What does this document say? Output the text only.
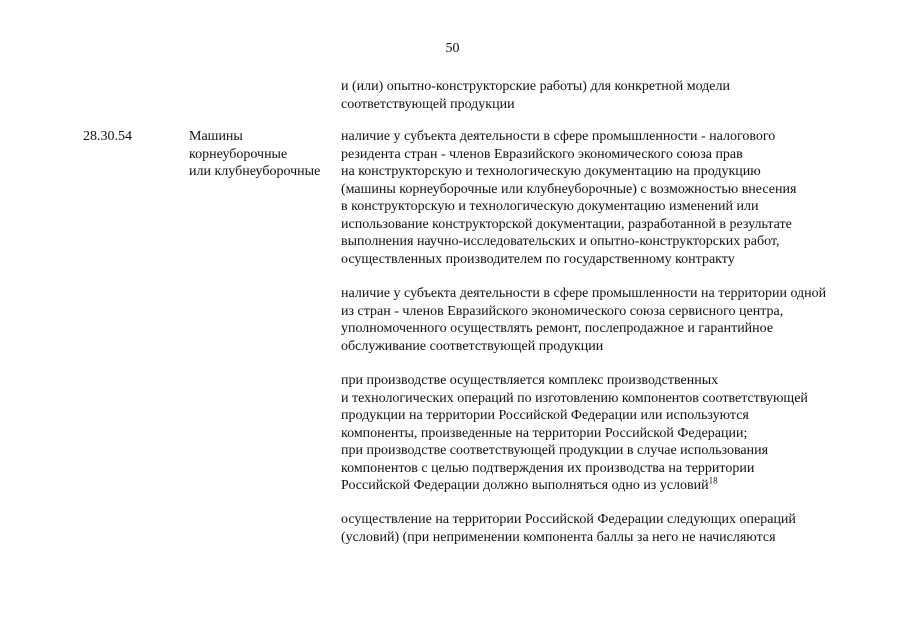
50
и (или) опытно-конструкторские работы) для конкретной модели
соответствующей продукции
28.30.54	Машины
корнеуборочные
или клубнеуборочные
наличие у субъекта деятельности в сфере промышленности - налогового
резидента стран - членов Евразийского экономического союза прав
на конструкторскую и технологическую документацию на продукцию
(машины корнеуборочные или клубнеуборочные) с возможностью внесения
в конструкторскую и технологическую документацию изменений или
использование конструкторской документации, разработанной в результате
выполнения научно-исследовательских и опытно-конструкторских работ,
осуществленных производителем по государственному контракту
наличие у субъекта деятельности в сфере промышленности на территории одной
из стран - членов Евразийского экономического союза сервисного центра,
уполномоченного осуществлять ремонт, послепродажное и гарантийное
обслуживание соответствующей продукции
при производстве осуществляется комплекс производственных
и технологических операций по изготовлению компонентов соответствующей
продукции на территории Российской Федерации или используются
компоненты, произведенные на территории Российской Федерации;
при производстве соответствующей продукции в случае использования
компонентов с целью подтверждения их производства на территории
Российской Федерации должно выполняться одно из условий$^{18}$
осуществление на территории Российской Федерации следующих операций
(условий) (при неприменении компонента баллы за него не начисляются
